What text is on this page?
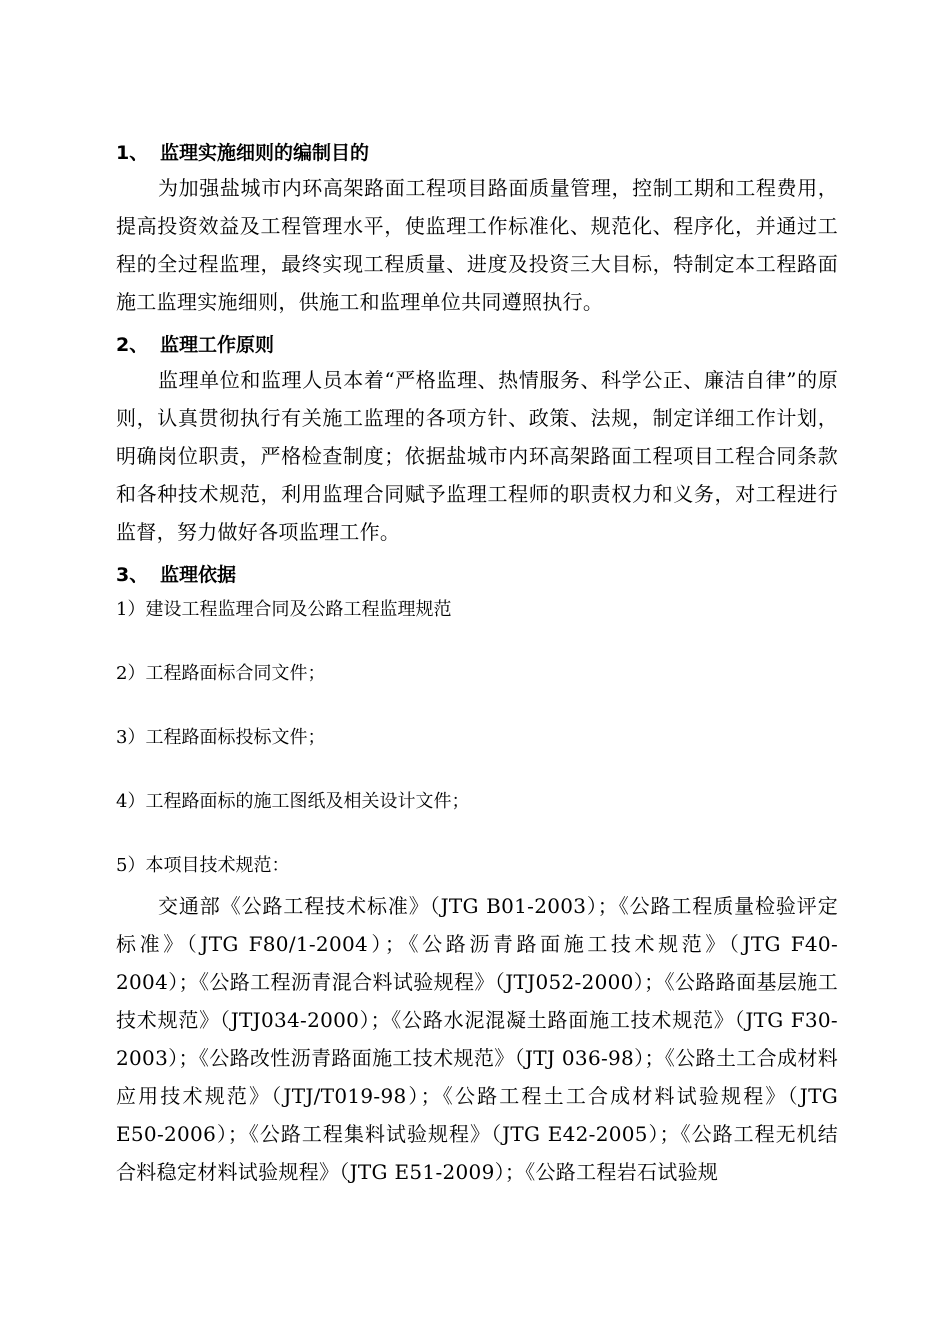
1、 监理实施细则的编制目的

为加强盐城市内环高架路面工程项目路面质量管理，控制工期和工程费用，提高投资效益及工程管理水平，使监理工作标准化、规范化、程序化，并通过工程的全过程监理，最终实现工程质量、进度及投资三大目标，特制定本工程路面施工监理实施细则，供施工和监理单位共同遵照执行。

2、 监理工作原则

监理单位和监理人员本着“严格监理、热情服务、科学公正、廉洁自律”的原则，认真贯彻执行有关施工监理的各项方针、政策、法规，制定详细工作计划，明确岗位职责，严格检查制度；依据盐城市内环高架路面工程项目工程合同条款和各种技术规范，利用监理合同赋予监理工程师的职责权力和义务，对工程进行监督，努力做好各项监理工作。

3、 监理依据

1）建设工程监理合同及公路工程监理规范

2）工程路面标合同文件；

3）工程路面标投标文件；

4）工程路面标的施工图纸及相关设计文件；

5）本项目技术规范：

交通部《公路工程技术标准》（JTG B01-2003）；《公路工程质量检验评定标准》（JTG F80/1-2004）；《公路沥青路面施工技术规范》（JTG F40-2004）；《公路工程沥青混合料试验规程》（JTJ052-2000）；《公路路面基层施工技术规范》（JTJ034-2000）；《公路水泥混凝土路面施工技术规范》（JTG F30-2003）；《公路改性沥青路面施工技术规范》（JTJ 036-98）；《公路土工合成材料应用技术规范》（JTJ/T019-98）；《公路工程土工合成材料试验规程》（JTG E50-2006）；《公路工程集料试验规程》（JTG E42-2005）；《公路工程无机结合料稳定材料试验规程》（JTG E51-2009）；《公路工程岩石试验规
